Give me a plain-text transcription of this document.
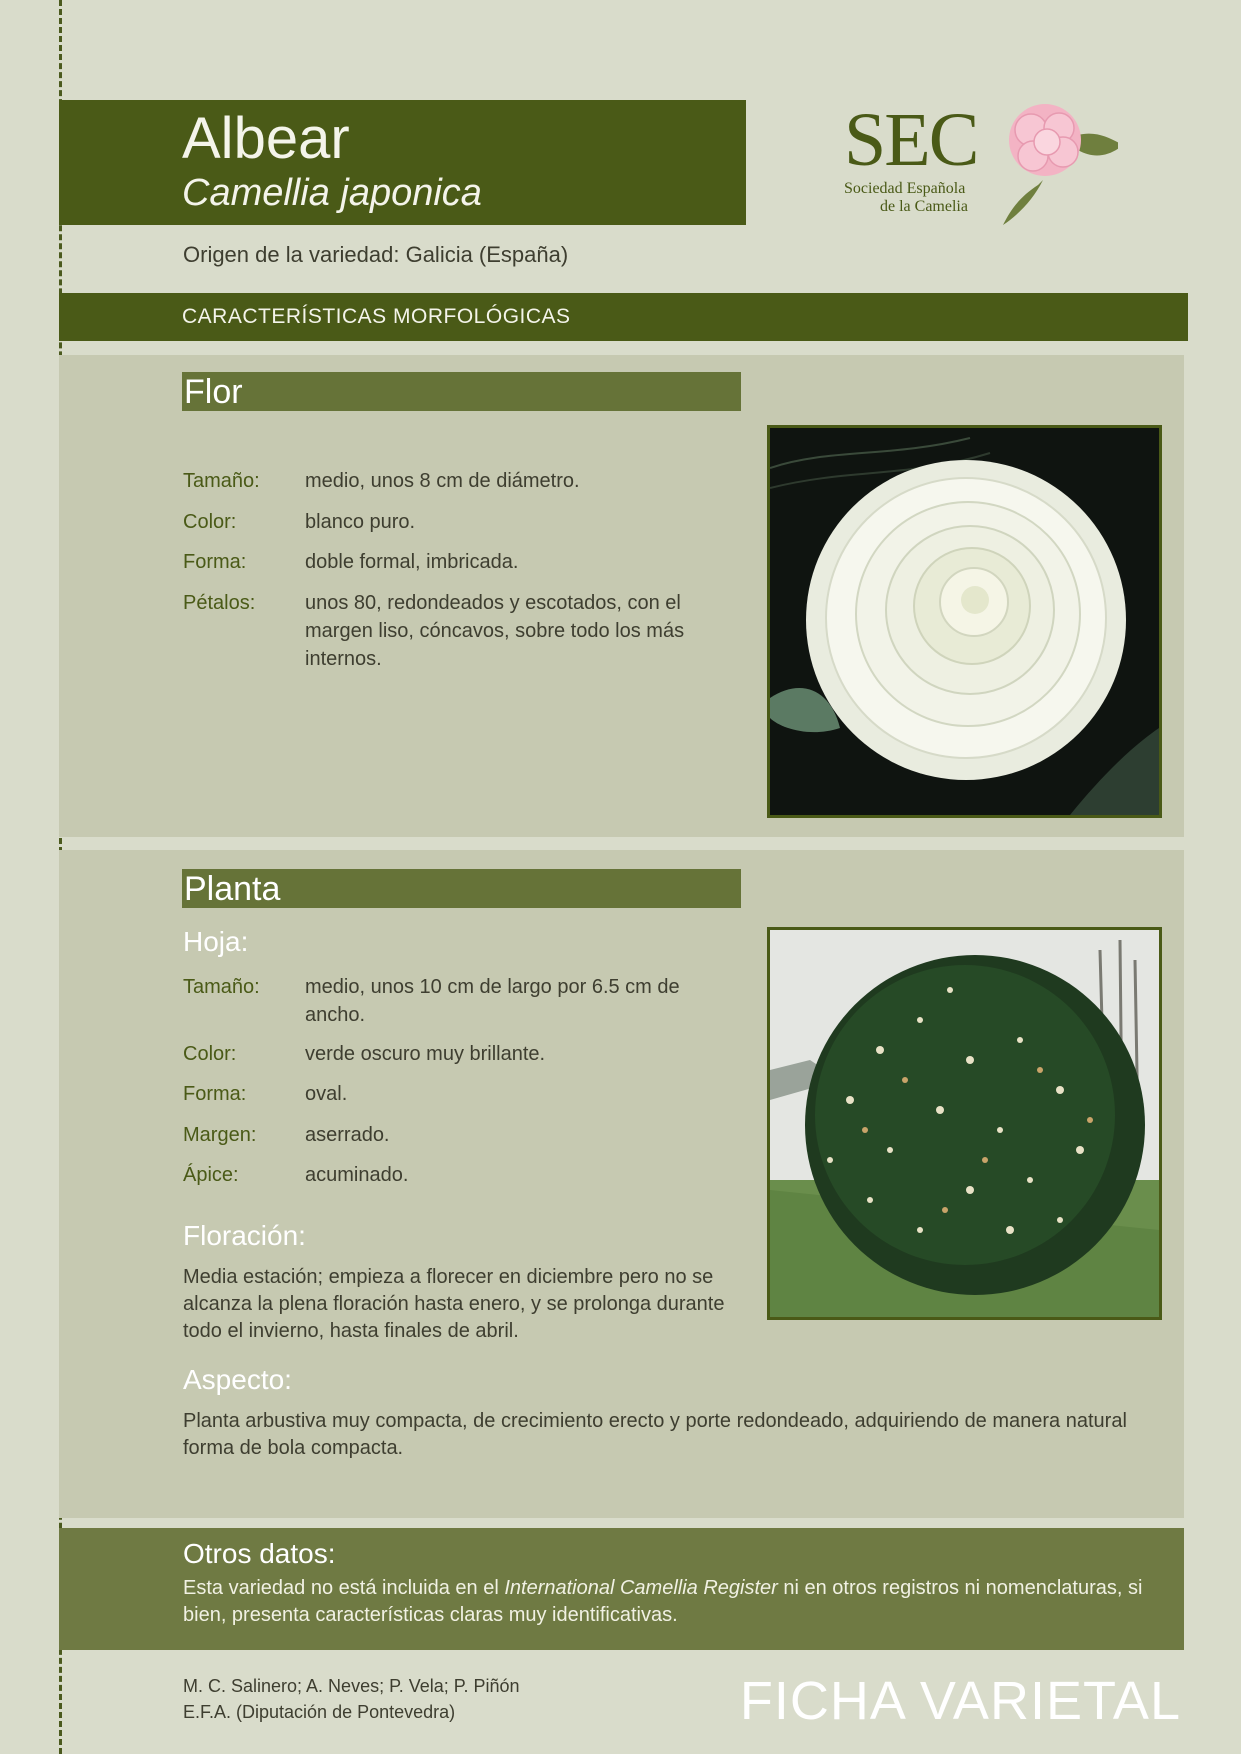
Albear
Camellia japonica
Origen de la variedad: Galicia (España)
SEC
Sociedad Española
de la Camelia
CARACTERÍSTICAS MORFOLÓGICAS
Flor
Tamaño:	medio, unos 8 cm de diámetro.
Color:	blanco puro.
Forma:	doble formal, imbricada.
Pétalos:	unos 80, redondeados y escotados, con el margen liso, cóncavos, sobre todo los más internos.
Planta
Hoja:
Tamaño:	medio, unos 10 cm de largo por 6.5 cm de ancho.
Color:	verde oscuro muy brillante.
Forma:	oval.
Margen:	aserrado.
Ápice:	acuminado.
Floración:
Media estación; empieza a florecer en diciembre pero no se alcanza la plena floración hasta enero, y se prolonga durante todo el invierno, hasta finales de abril.
Aspecto:
Planta arbustiva muy compacta, de crecimiento erecto y porte redondeado, adquiriendo de manera natural forma de bola compacta.
Otros datos:
Esta variedad no está incluida en el International Camellia Register ni en otros registros ni nomenclaturas, si bien, presenta características claras muy identificativas.
M. C. Salinero; A. Neves; P. Vela; P. Piñón
E.F.A. (Diputación de Pontevedra)	FICHA VARIETAL
